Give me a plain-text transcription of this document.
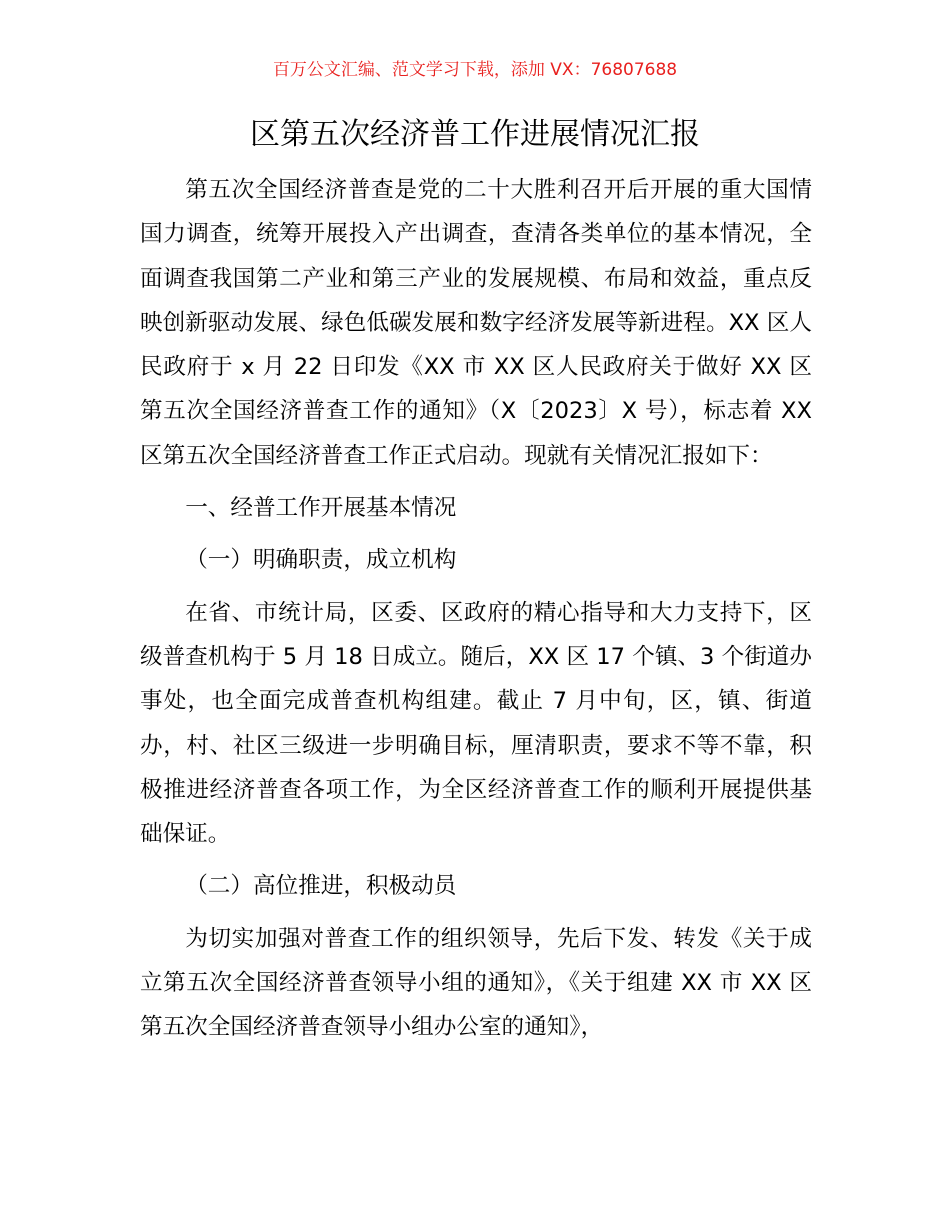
百万公文汇编、范文学习下载，添加 VX：76807688
区第五次经济普工作进展情况汇报

第五次全国经济普查是党的二十大胜利召开后开展的重大国情国力调查，统筹开展投入产出调查，查清各类单位的基本情况，全面调查我国第二产业和第三产业的发展规模、布局和效益，重点反映创新驱动发展、绿色低碳发展和数字经济发展等新进程。XX 区人民政府于 x 月 22 日印发《XX 市 XX 区人民政府关于做好 XX 区第五次全国经济普查工作的通知》（X〔2023〕X 号），标志着 XX 区第五次全国经济普查工作正式启动。现就有关情况汇报如下：

一、经普工作开展基本情况

（一）明确职责，成立机构

在省、市统计局，区委、区政府的精心指导和大力支持下，区级普查机构于 5 月 18 日成立。随后，XX 区 17 个镇、3 个街道办事处，也全面完成普查机构组建。截止 7 月中旬，区，镇、街道办，村、社区三级进一步明确目标，厘清职责，要求不等不靠，积极推进经济普查各项工作，为全区经济普查工作的顺利开展提供基础保证。

（二）高位推进，积极动员

为切实加强对普查工作的组织领导，先后下发、转发《关于成立第五次全国经济普查领导小组的通知》，《关于组建 XX 市 XX 区第五次全国经济普查领导小组办公室的通知》，
